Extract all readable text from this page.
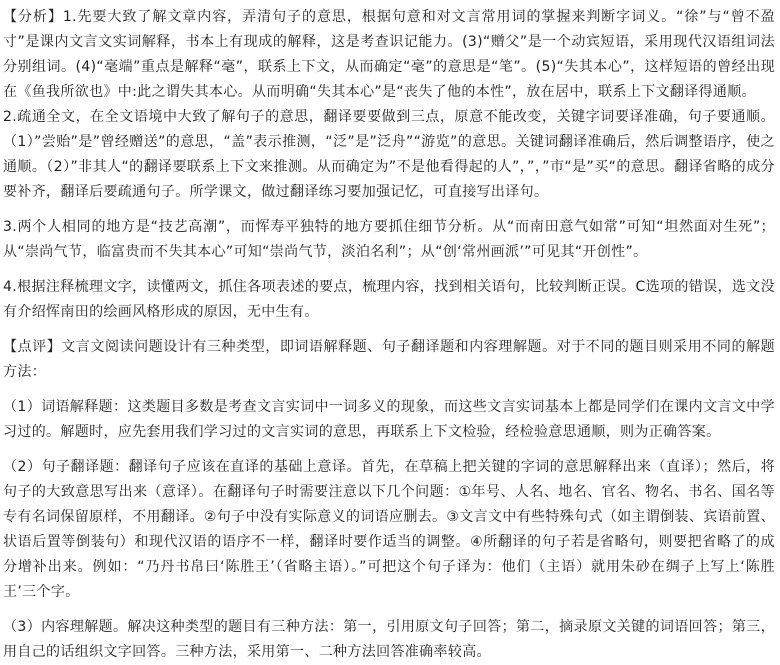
【分析】1.先要大致了解文章内容，弄清句子的意思，根据句意和对文言常用词的掌握来判断字词义。“徐”与“曾不盈寸”是课内文言文实词解释，书本上有现成的解释，这是考查识记能力。(3)“赠父”是一个动宾短语，采用现代汉语组词法分别组词。(4)“毫端”重点是解释“毫”，联系上下文，从而确定“毫”的意思是“笔”。(5)“失其本心”，这样短语的曾经出现在《鱼我所欲也》中:此之谓失其本心。从而明确“失其本心”是“丧失了他的本性”，放在居中，联系上下文翻译得通顺。

2.疏通全文，在全文语境中大致了解句子的意思，翻译要要做到三点，原意不能改变，关键字词要译准确，句子要通顺。（1）”尝贻”是”曾经赠送”的意思，“盖”表示推测，“泛”是”泛舟”“游览”的意思。关键词翻译准确后，然后调整语序，使之通顺。（2）”非其人“的翻译要联系上下文来推测。从而确定为”不是他看得起的人”，”，”市“是”买“的意思。翻译省略的成分要补齐，翻译后要疏通句子。所学课文，做过翻译练习要加强记忆，可直接写出译句。

3.两个人相同的地方是“技艺高潮”，而恽寿平独特的地方要抓住细节分析。从“而南田意气如常”可知“坦然面对生死”；从“崇尚气节，临富贵而不失其本心”可知“崇尚气节，淡泊名利”；从“创‘常州画派’”可见其“开创性”。

4.根据注释梳理文字，读懂两文，抓住各项表述的要点，梳理内容，找到相关语句，比较判断正误。C选项的错误，选文没有介绍恽南田的绘画风格形成的原因，无中生有。

【点评】文言文阅读问题设计有三种类型，即词语解释题、句子翻译题和内容理解题。对于不同的题目则采用不同的解题方法：

（1）词语解释题：这类题目多数是考查文言实词中一词多义的现象，而这些文言实词基本上都是同学们在课内文言文中学习过的。解题时，应先套用我们学习过的文言实词的意思，再联系上下文检验，经检验意思通顺，则为正确答案。

（2）句子翻译题：翻译句子应该在直译的基础上意译。首先，在草稿上把关键的字词的意思解释出来（直译）；然后，将句子的大致意思写出来（意译）。在翻译句子时需要注意以下几个问题：①年号、人名、地名、官名、物名、书名、国名等专有名词保留原样，不用翻译。②句子中没有实际意义的词语应删去。③文言文中有些特殊句式（如主谓倒装、宾语前置、状语后置等倒装句）和现代汉语的语序不一样，翻译时要作适当的调整。④所翻译的句子若是省略句，则要把省略了的成分增补出来。例如：“乃丹书帛曰‘陈胜王’（省略主语）。”可把这个句子译为：他们（主语）就用朱砂在绸子上写上‘陈胜王’三个字。

（3）内容理解题。解决这种类型的题目有三种方法：第一，引用原文句子回答；第二，摘录原文关键的词语回答；第三，用自己的话组织文字回答。三种方法，采用第一、二种方法回答准确率较高。
